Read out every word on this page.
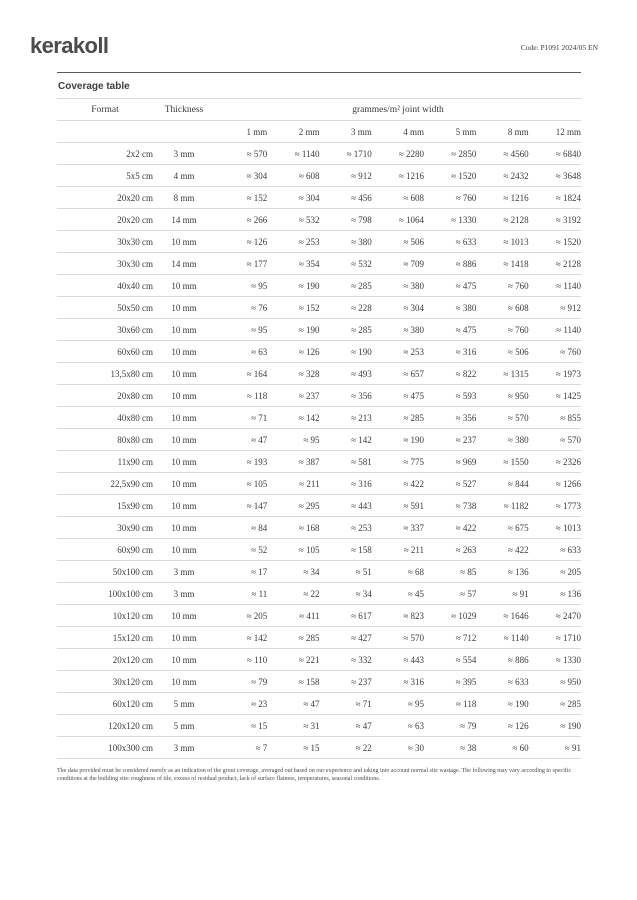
kerakoll	Code: P1091 2024/05 EN
Coverage table
Format	Thickness	grammes/m² joint width						
		1 mm	2 mm	3 mm	4 mm	5 mm	8 mm	12 mm
2x2 cm	3 mm	≈ 570	≈ 1140	≈ 1710	≈ 2280	≈ 2850	≈ 4560	≈ 6840
5x5 cm	4 mm	≈ 304	≈ 608	≈ 912	≈ 1216	≈ 1520	≈ 2432	≈ 3648
20x20 cm	8 mm	≈ 152	≈ 304	≈ 456	≈ 608	≈ 760	≈ 1216	≈ 1824
20x20 cm	14 mm	≈ 266	≈ 532	≈ 798	≈ 1064	≈ 1330	≈ 2128	≈ 3192
30x30 cm	10 mm	≈ 126	≈ 253	≈ 380	≈ 506	≈ 633	≈ 1013	≈ 1520
30x30 cm	14 mm	≈ 177	≈ 354	≈ 532	≈ 709	≈ 886	≈ 1418	≈ 2128
40x40 cm	10 mm	≈ 95	≈ 190	≈ 285	≈ 380	≈ 475	≈ 760	≈ 1140
50x50 cm	10 mm	≈ 76	≈ 152	≈ 228	≈ 304	≈ 380	≈ 608	≈ 912
30x60 cm	10 mm	≈ 95	≈ 190	≈ 285	≈ 380	≈ 475	≈ 760	≈ 1140
60x60 cm	10 mm	≈ 63	≈ 126	≈ 190	≈ 253	≈ 316	≈ 506	≈ 760
13,5x80 cm	10 mm	≈ 164	≈ 328	≈ 493	≈ 657	≈ 822	≈ 1315	≈ 1973
20x80 cm	10 mm	≈ 118	≈ 237	≈ 356	≈ 475	≈ 593	≈ 950	≈ 1425
40x80 cm	10 mm	≈ 71	≈ 142	≈ 213	≈ 285	≈ 356	≈ 570	≈ 855
80x80 cm	10 mm	≈ 47	≈ 95	≈ 142	≈ 190	≈ 237	≈ 380	≈ 570
11x90 cm	10 mm	≈ 193	≈ 387	≈ 581	≈ 775	≈ 969	≈ 1550	≈ 2326
22,5x90 cm	10 mm	≈ 105	≈ 211	≈ 316	≈ 422	≈ 527	≈ 844	≈ 1266
15x90 cm	10 mm	≈ 147	≈ 295	≈ 443	≈ 591	≈ 738	≈ 1182	≈ 1773
30x90 cm	10 mm	≈ 84	≈ 168	≈ 253	≈ 337	≈ 422	≈ 675	≈ 1013
60x90 cm	10 mm	≈ 52	≈ 105	≈ 158	≈ 211	≈ 263	≈ 422	≈ 633
50x100 cm	3 mm	≈ 17	≈ 34	≈ 51	≈ 68	≈ 85	≈ 136	≈ 205
100x100 cm	3 mm	≈ 11	≈ 22	≈ 34	≈ 45	≈ 57	≈ 91	≈ 136
10x120 cm	10 mm	≈ 205	≈ 411	≈ 617	≈ 823	≈ 1029	≈ 1646	≈ 2470
15x120 cm	10 mm	≈ 142	≈ 285	≈ 427	≈ 570	≈ 712	≈ 1140	≈ 1710
20x120 cm	10 mm	≈ 110	≈ 221	≈ 332	≈ 443	≈ 554	≈ 886	≈ 1330
30x120 cm	10 mm	≈ 79	≈ 158	≈ 237	≈ 316	≈ 395	≈ 633	≈ 950
60x120 cm	5 mm	≈ 23	≈ 47	≈ 71	≈ 95	≈ 118	≈ 190	≈ 285
120x120 cm	5 mm	≈ 15	≈ 31	≈ 47	≈ 63	≈ 79	≈ 126	≈ 190
100x300 cm	3 mm	≈ 7	≈ 15	≈ 22	≈ 30	≈ 38	≈ 60	≈ 91

The data provided must be considered merely as an indication of the grout coverage, averaged out based on our experience and taking into account normal site wastage. The following may vary according to specific conditions at the building site: roughness of tile, excess of residual product, lack of surface flatness, temperatures, seasonal conditions.
